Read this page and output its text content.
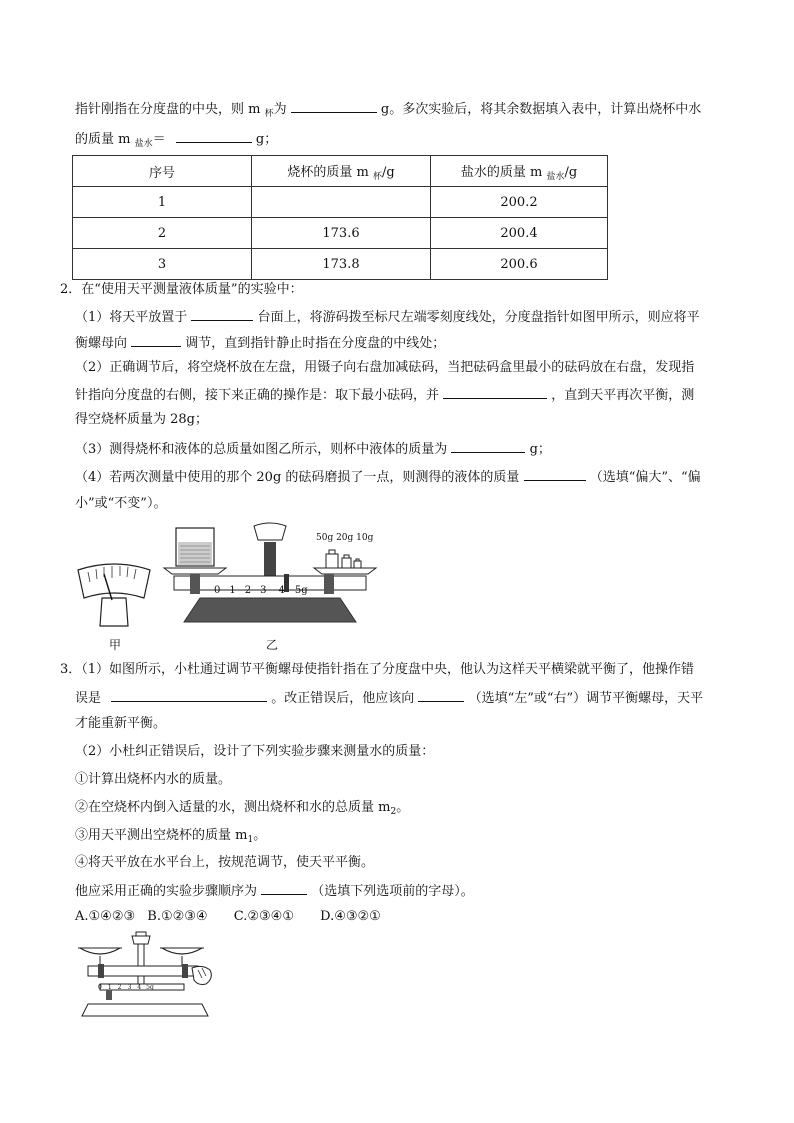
指针刚指在分度盘的中央，则 m $_杯$为	g。多次实验后，将其余数据填入表中，计算出烧杯中水
的质量 m $_{盐水}$＝	g；
序号	烧杯的质量 m $_杯$/g	盐水的质量 m $_{盐水}$/g
1		200.2
2	173.6	200.4
3	173.8	200.6
2．在“使用天平测量液体质量”的实验中：
（1）将天平放置于	台面上，将游码拨至标尺左端零刻度线处，分度盘指针如图甲所示，则应将平
衡螺母向	调节，直到指针静止时指在分度盘的中线处；
（2）正确调节后，将空烧杯放在左盘，用镊子向右盘加减砝码，当把砝码盒里最小的砝码放在右盘，发现指
针指向分度盘的右侧，接下来正确的操作是：取下最小砝码，并	，直到天平再次平衡，测
得空烧杯质量为 28g；
（3）测得烧杯和液体的总质量如图乙所示，则杯中液体的质量为	g；
（4）若两次测量中使用的那个 20g 的砝码磨损了一点，则测得的液体的质量	（选填“偏大”、“偏
小”或“不变”）。
甲
50g 20g 10g
0 1 2 3 4 5g
乙
3．（1）如图所示，小杜通过调节平衡螺母使指针指在了分度盘中央，他认为这样天平横梁就平衡了，他操作错
误是	。改正错误后，他应该向	（选填“左”或“右”）调节平衡螺母，天平
才能重新平衡。
（2）小杜纠正错误后，设计了下列实验步骤来测量水的质量：
①计算出烧杯内水的质量。
②在空烧杯内倒入适量的水，测出烧杯和水的总质量 $m_2$。
③用天平测出空烧杯的质量 $m_1$。
④将天平放在水平台上，按规范调节，使天平平衡。
他应采用正确的实验步骤顺序为	（选填下列选项前的字母）。
A.①④②③ B.①②③④ C.②③④① D.④③②①
0 1 2 3 4 5g
